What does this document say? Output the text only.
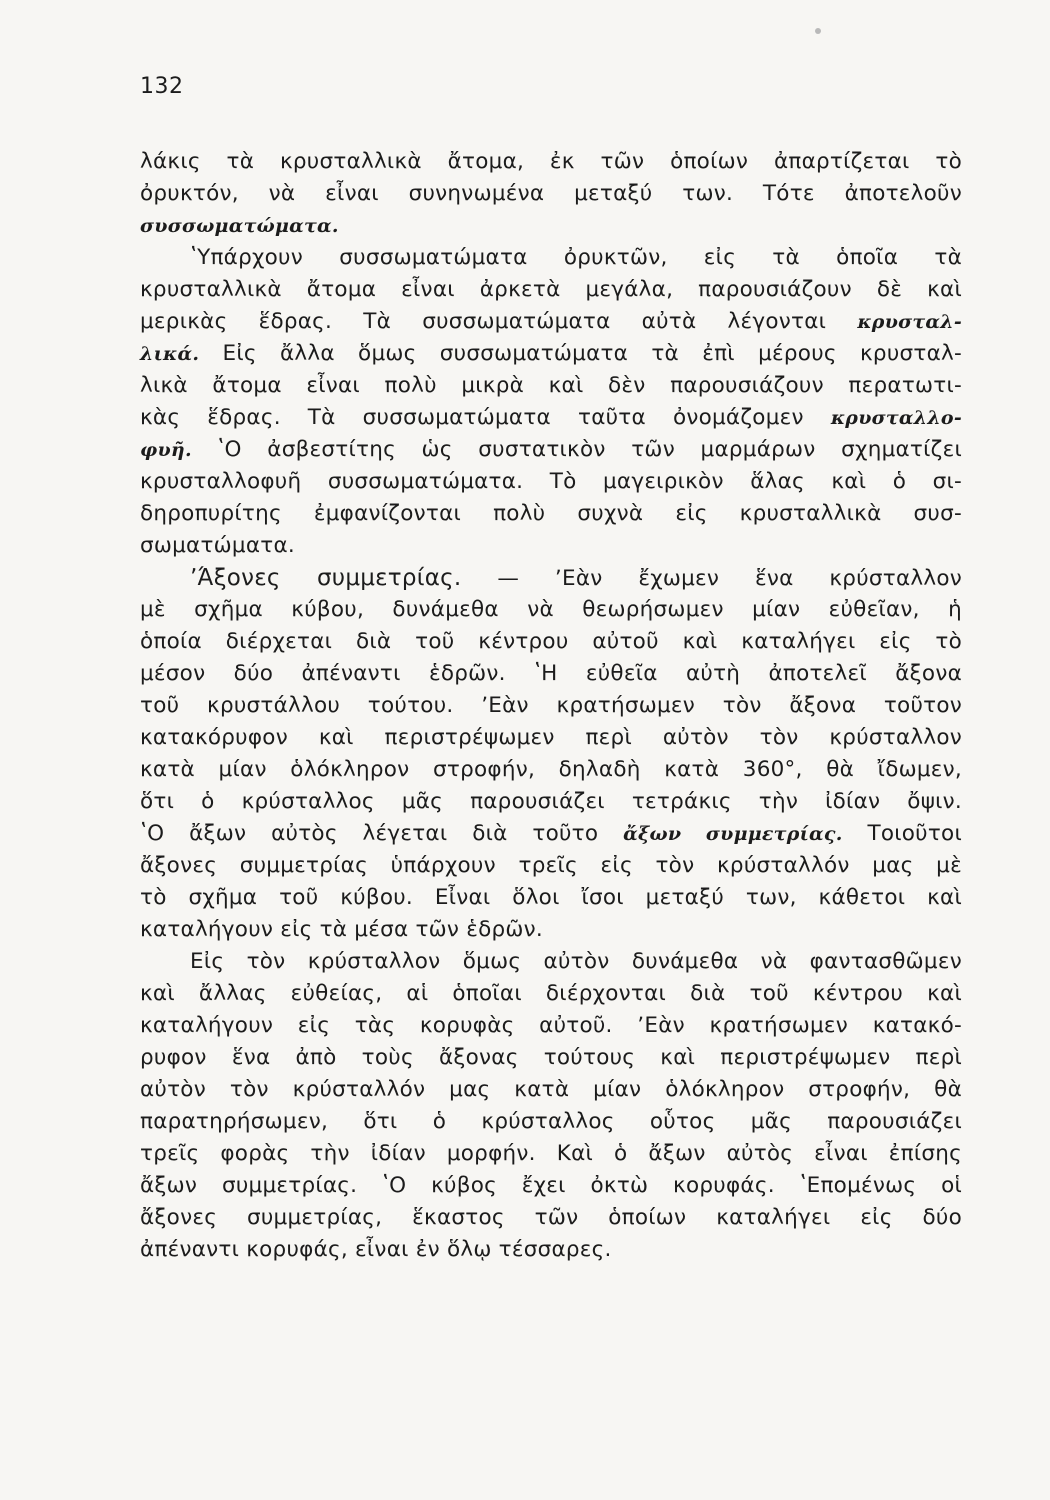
132

λάκις τὰ κρυσταλλικὰ ἄτομα, ἐκ τῶν ὁποίων ἀπαρτίζεται τὸ

ὀρυκτόν, νὰ εἶναι συνηνωμένα μεταξύ των. Τότε ἀποτελοῦν

συσσωματώματα.

ʽΥπάρχουν συσσωματώματα ὀρυκτῶν, εἰς τὰ ὁποῖα τὰ

κρυσταλλικὰ ἄτομα εἶναι ἀρκετὰ μεγάλα, παρουσιάζουν δὲ καὶ

μερικὰς ἕδρας. Τὰ συσσωματώματα αὐτὰ λέγονται κρυσταλ-

λικά. Εἰς ἄλλα ὅμως συσσωματώματα τὰ ἐπὶ μέρους κρυσταλ-

λικὰ ἄτομα εἶναι πολὺ μικρὰ καὶ δὲν παρουσιάζουν περατωτι-

κὰς ἕδρας. Τὰ συσσωματώματα ταῦτα ὀνομάζομεν κρυσταλλο-

φυῆ. ʽΟ ἀσβεστίτης ὡς συστατικὸν τῶν μαρμάρων σχηματίζει

κρυσταλλοφυῆ συσσωματώματα. Τὸ μαγειρικὸν ἅλας καὶ ὁ σι-

δηροπυρίτης ἐμφανίζονται πολὺ συχνὰ εἰς κρυσταλλικὰ συσ-

σωματώματα.

ʼΆξονες συμμετρίας. — ʼΕὰν ἔχωμεν ἕνα κρύσταλλον

μὲ σχῆμα κύβου, δυνάμεθα νὰ θεωρήσωμεν μίαν εὐθεῖαν, ἡ

ὁποία διέρχεται διὰ τοῦ κέντρου αὐτοῦ καὶ καταλήγει εἰς τὸ

μέσον δύο ἀπέναντι ἑδρῶν. ʽΗ εὐθεῖα αὐτὴ ἀποτελεῖ ἄξονα

τοῦ κρυστάλλου τούτου. ʼΕὰν κρατήσωμεν τὸν ἄξονα τοῦτον

κατακόρυφον καὶ περιστρέψωμεν περὶ αὐτὸν τὸν κρύσταλλον

κατὰ μίαν ὁλόκληρον στροφήν, δηλαδὴ κατὰ 360°, θὰ ἴδωμεν,

ὅτι ὁ κρύσταλλος μᾶς παρουσιάζει τετράκις τὴν ἰδίαν ὄψιν.

ʽΟ ἄξων αὐτὸς λέγεται διὰ τοῦτο ἄξων συμμετρίας. Τοιοῦτοι

ἄξονες συμμετρίας ὑπάρχουν τρεῖς εἰς τὸν κρύσταλλόν μας μὲ

τὸ σχῆμα τοῦ κύβου. Εἶναι ὅλοι ἴσοι μεταξύ των, κάθετοι καὶ

καταλήγουν εἰς τὰ μέσα τῶν ἑδρῶν.

Εἰς τὸν κρύσταλλον ὅμως αὐτὸν δυνάμεθα νὰ φαντασθῶμεν

καὶ ἄλλας εὐθείας, αἱ ὁποῖαι διέρχονται διὰ τοῦ κέντρου καὶ

καταλήγουν εἰς τὰς κορυφὰς αὐτοῦ. ʼΕὰν κρατήσωμεν κατακό-

ρυφον ἕνα ἀπὸ τοὺς ἄξονας τούτους καὶ περιστρέψωμεν περὶ

αὐτὸν τὸν κρύσταλλόν μας κατὰ μίαν ὁλόκληρον στροφήν, θὰ

παρατηρήσωμεν, ὅτι ὁ κρύσταλλος οὗτος μᾶς παρουσιάζει

τρεῖς φορὰς τὴν ἰδίαν μορφήν. Καὶ ὁ ἄξων αὐτὸς εἶναι ἐπίσης

ἄξων συμμετρίας. ʽΟ κύβος ἔχει ὀκτὼ κορυφάς. ʽΕπομένως οἱ

ἄξονες συμμετρίας, ἕκαστος τῶν ὁποίων καταλήγει εἰς δύο

ἀπέναντι κορυφάς, εἶναι ἐν ὅλῳ τέσσαρες.
